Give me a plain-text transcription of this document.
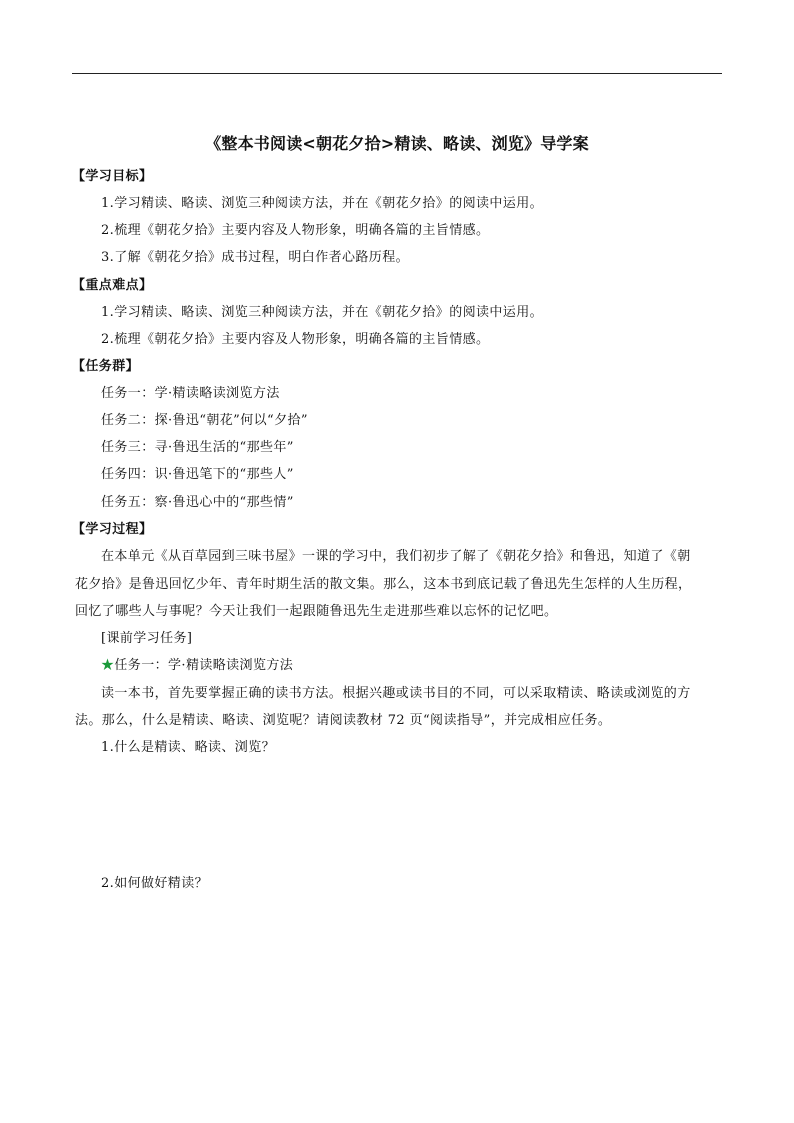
《整本书阅读<朝花夕拾>精读、略读、浏览》导学案
【学习目标】
1.学习精读、略读、浏览三种阅读方法，并在《朝花夕拾》的阅读中运用。
2.梳理《朝花夕拾》主要内容及人物形象，明确各篇的主旨情感。
3.了解《朝花夕拾》成书过程，明白作者心路历程。
【重点难点】
1.学习精读、略读、浏览三种阅读方法，并在《朝花夕拾》的阅读中运用。
2.梳理《朝花夕拾》主要内容及人物形象，明确各篇的主旨情感。
【任务群】
任务一：学·精读略读浏览方法
任务二：探·鲁迅“朝花”何以“夕拾”
任务三：寻·鲁迅生活的“那些年”
任务四：识·鲁迅笔下的“那些人”
任务五：察·鲁迅心中的“那些情”
【学习过程】
在本单元《从百草园到三味书屋》一课的学习中，我们初步了解了《朝花夕拾》和鲁迅，知道了《朝
花夕拾》是鲁迅回忆少年、青年时期生活的散文集。那么，这本书到底记载了鲁迅先生怎样的人生历程，
回忆了哪些人与事呢？今天让我们一起跟随鲁迅先生走进那些难以忘怀的记忆吧。
[课前学习任务]
★任务一：学·精读略读浏览方法
读一本书，首先要掌握正确的读书方法。根据兴趣或读书目的不同，可以采取精读、略读或浏览的方
法。那么，什么是精读、略读、浏览呢？请阅读教材 72 页“阅读指导”，并完成相应任务。
1.什么是精读、略读、浏览？
2.如何做好精读？
